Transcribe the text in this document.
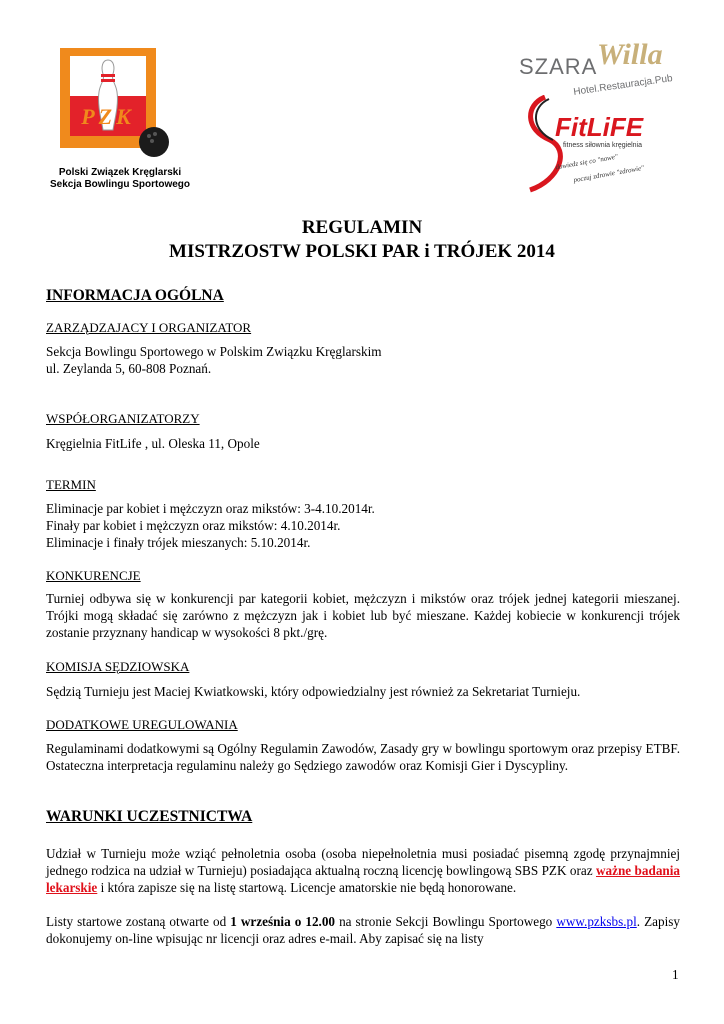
PZK
Polski Związek Kręglarski
Sekcja Bowlingu Sportowego
SZARA Willa
Hotel.Restauracja.Pub
FitLiFE
fitness siłownia kręgielnia
dowiedz się co "nowe"
poczuj zdrowie "zdrowie"
REGULAMIN
MISTRZOSTW POLSKI PAR i TRÓJEK 2014
INFORMACJA OGÓLNA
ZARZĄDZAJACY I ORGANIZATOR
Sekcja Bowlingu Sportowego w Polskim Związku Kręglarskim
ul. Zeylanda 5, 60-808 Poznań.
WSPÓŁORGANIZATORZY
Kręgielnia FitLife , ul. Oleska 11, Opole
TERMIN
Eliminacje par kobiet i mężczyzn oraz mikstów: 3-4.10.2014r.
Finały par kobiet i mężczyzn oraz mikstów: 4.10.2014r.
Eliminacje i finały trójek mieszanych: 5.10.2014r.
KONKURENCJE
Turniej odbywa się w konkurencji par kategorii kobiet, mężczyzn i mikstów oraz trójek jednej kategorii mieszanej. Trójki mogą składać się zarówno z mężczyzn jak i kobiet lub być mieszane. Każdej kobiecie w konkurencji trójek zostanie przyznany handicap w wysokości 8 pkt./grę.
KOMISJA SĘDZIOWSKA
Sędzią Turnieju jest Maciej Kwiatkowski, który odpowiedzialny jest również za Sekretariat Turnieju.
DODATKOWE UREGULOWANIA
Regulaminami dodatkowymi są Ogólny Regulamin Zawodów, Zasady gry w bowlingu sportowym oraz przepisy ETBF. Ostateczna interpretacja regulaminu należy go Sędziego zawodów oraz Komisji Gier i Dyscypliny.
WARUNKI UCZESTNICTWA
Udział w Turnieju może wziąć pełnoletnia osoba (osoba niepełnoletnia musi posiadać pisemną zgodę przynajmniej jednego rodzica na udział w Turnieju) posiadająca aktualną roczną licencję bowlingową SBS PZK oraz ważne badania lekarskie i która zapisze się na listę startową. Licencje amatorskie nie będą honorowane.
Listy startowe zostaną otwarte od 1 września o 12.00 na stronie Sekcji Bowlingu Sportowego www.pzksbs.pl. Zapisy dokonujemy on-line wpisując nr licencji oraz adres e-mail. Aby zapisać się na listy
1
